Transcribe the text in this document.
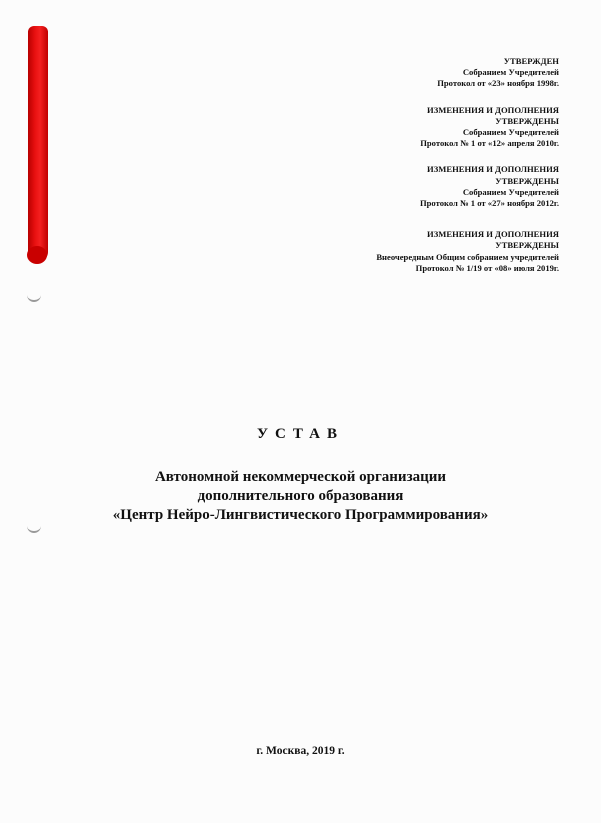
УТВЕРЖДЕН
Собранием Учредителей
Протокол от «23» ноября 1998г.
ИЗМЕНЕНИЯ И ДОПОЛНЕНИЯ
УТВЕРЖДЕНЫ
Собранием Учредителей
Протокол № 1 от «12» апреля 2010г.
ИЗМЕНЕНИЯ И ДОПОЛНЕНИЯ
УТВЕРЖДЕНЫ
Собранием Учредителей
Протокол № 1 от «27» ноября 2012г.
ИЗМЕНЕНИЯ И ДОПОЛНЕНИЯ
УТВЕРЖДЕНЫ
Внеочередным Общим собранием учредителей
Протокол № 1/19 от «08» июля 2019г.
УСТАВ
Автономной некоммерческой организации
дополнительного образования
«Центр Нейро-Лингвистического Программирования»
г. Москва, 2019 г.
